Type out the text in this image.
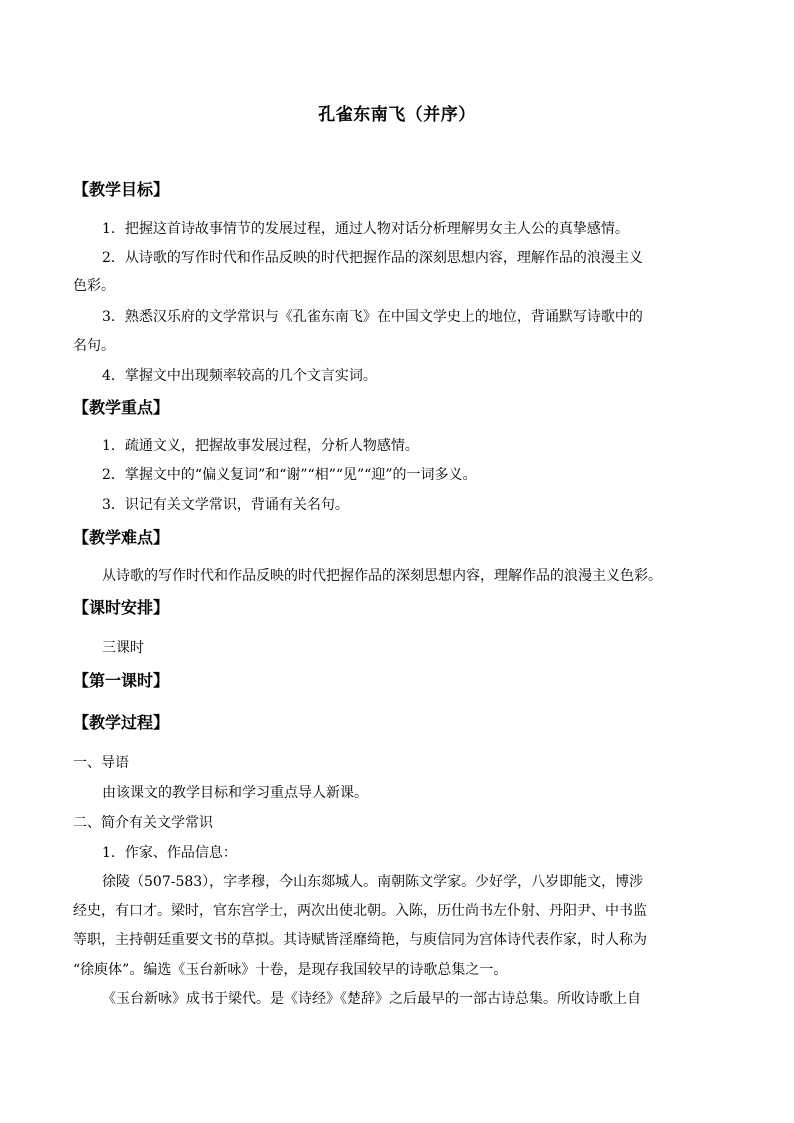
孔雀东南飞（并序）
【教学目标】
1．把握这首诗故事情节的发展过程，通过人物对话分析理解男女主人公的真挚感情。
2．从诗歌的写作时代和作品反映的时代把握作品的深刻思想内容，理解作品的浪漫主义
色彩。
3．熟悉汉乐府的文学常识与《孔雀东南飞》在中国文学史上的地位，背诵默写诗歌中的
名句。
4．掌握文中出现频率较高的几个文言实词。
【教学重点】
1．疏通文义，把握故事发展过程，分析人物感情。
2．掌握文中的“偏义复词”和“谢”“相”“见”“迎”的一词多义。
3．识记有关文学常识，背诵有关名句。
【教学难点】
从诗歌的写作时代和作品反映的时代把握作品的深刻思想内容，理解作品的浪漫主义色彩。
【课时安排】
三课时
【第一课时】
【教学过程】
一、导语
由该课文的教学目标和学习重点导人新课。
二、简介有关文学常识
1．作家、作品信息：
徐陵（507-583），字孝穆，今山东郯城人。南朝陈文学家。少好学，八岁即能文，博涉
经史，有口才。梁时，官东宫学士，两次出使北朝。入陈，历仕尚书左仆射、丹阳尹、中书监
等职，主持朝廷重要文书的草拟。其诗赋皆淫靡绮艳，与庾信同为宫体诗代表作家，时人称为
“徐庾体”。编选《玉台新咏》十卷，是现存我国较早的诗歌总集之一。
《玉台新咏》成书于梁代。是《诗经》《楚辞》之后最早的一部古诗总集。所收诗歌上自
